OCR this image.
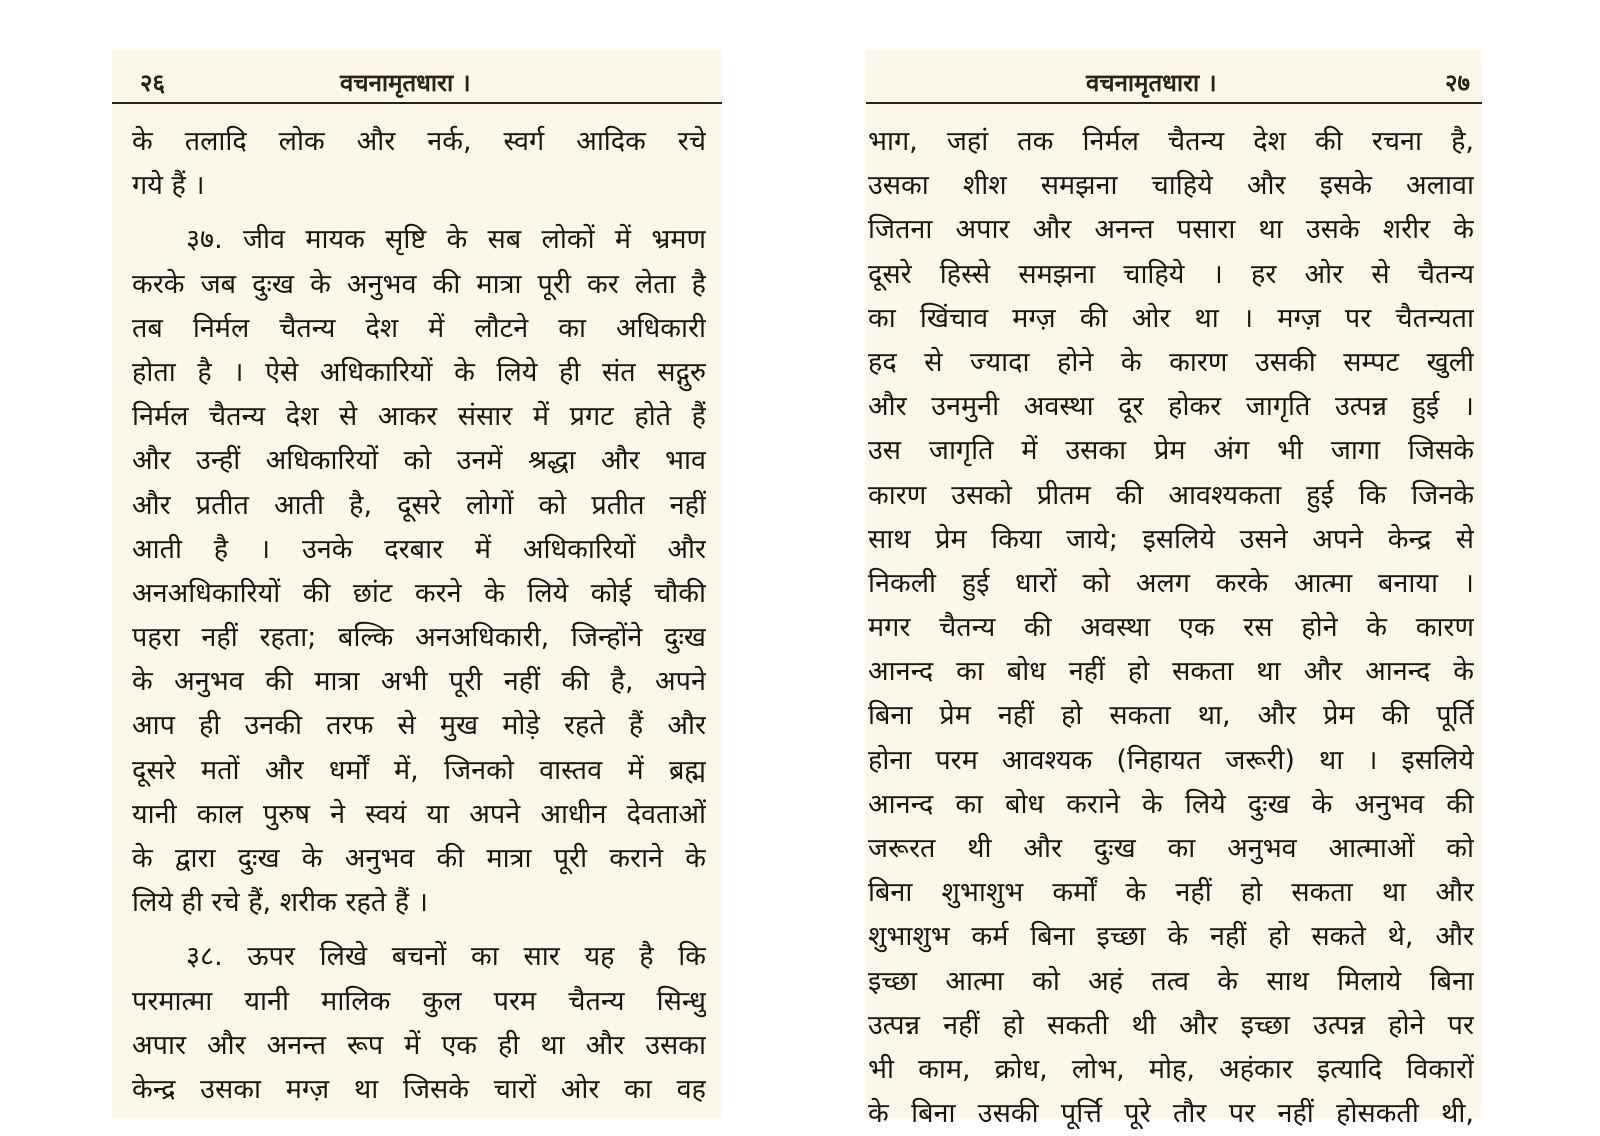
२६	वचनामृतधारा ।
के तलादि लोक और नर्क, स्वर्ग आदिक रचे
गये हैं ।
३७. जीव मायक सृष्टि के सब लोकों में भ्रमण
करके जब दुःख के अनुभव की मात्रा पूरी कर लेता है
तब निर्मल चैतन्य देश में लौटने का अधिकारी
होता है । ऐसे अधिकारियों के लिये ही संत सद्गुरु
निर्मल चैतन्य देश से आकर संसार में प्रगट होते हैं
और उन्हीं अधिकारियों को उनमें श्रद्धा और भाव
और प्रतीत आती है, दूसरे लोगों को प्रतीत नहीं
आती है । उनके दरबार में अधिकारियों और
अनअधिकारियों की छांट करने के लिये कोई चौकी
पहरा नहीं रहता; बल्कि अनअधिकारी, जिन्होंने दुःख
के अनुभव की मात्रा अभी पूरी नहीं की है, अपने
आप ही उनकी तरफ से मुख मोड़े रहते हैं और
दूसरे मतों और धर्मों में, जिनको वास्तव में ब्रह्म
यानी काल पुरुष ने स्वयं या अपने आधीन देवताओं
के द्वारा दुःख के अनुभव की मात्रा पूरी कराने के
लिये ही रचे हैं, शरीक रहते हैं ।
३८. ऊपर लिखे बचनों का सार यह है कि
परमात्मा यानी मालिक कुल परम चैतन्य सिन्धु
अपार और अनन्त रूप में एक ही था और उसका
केन्द्र उसका मग्ज़ था जिसके चारों ओर का वह
वचनामृतधारा ।	२७
भाग, जहां तक निर्मल चैतन्य देश की रचना है,
उसका शीश समझना चाहिये और इसके अलावा
जितना अपार और अनन्त पसारा था उसके शरीर के
दूसरे हिस्से समझना चाहिये । हर ओर से चैतन्य
का खिंचाव मग्ज़ की ओर था । मग्ज़ पर चैतन्यता
हद से ज्यादा होने के कारण उसकी सम्पट खुली
और उनमुनी अवस्था दूर होकर जागृति उत्पन्न हुई ।
उस जागृति में उसका प्रेम अंग भी जागा जिसके
कारण उसको प्रीतम की आवश्यकता हुई कि जिनके
साथ प्रेम किया जाये; इसलिये उसने अपने केन्द्र से
निकली हुई धारों को अलग करके आत्मा बनाया ।
मगर चैतन्य की अवस्था एक रस होने के कारण
आनन्द का बोध नहीं हो सकता था और आनन्द के
बिना प्रेम नहीं हो सकता था, और प्रेम की पूर्ति
होना परम आवश्यक (निहायत जरूरी) था । इसलिये
आनन्द का बोध कराने के लिये दुःख के अनुभव की
जरूरत थी और दुःख का अनुभव आत्माओं को
बिना शुभाशुभ कर्मों के नहीं हो सकता था और
शुभाशुभ कर्म बिना इच्छा के नहीं हो सकते थे, और
इच्छा आत्मा को अहं तत्व के साथ मिलाये बिना
उत्पन्न नहीं हो सकती थी और इच्छा उत्पन्न होने पर
भी काम, क्रोध, लोभ, मोह, अहंकार इत्यादि विकारों
के बिना उसकी पूर्त्ति पूरे तौर पर नहीं होसकती थी,
